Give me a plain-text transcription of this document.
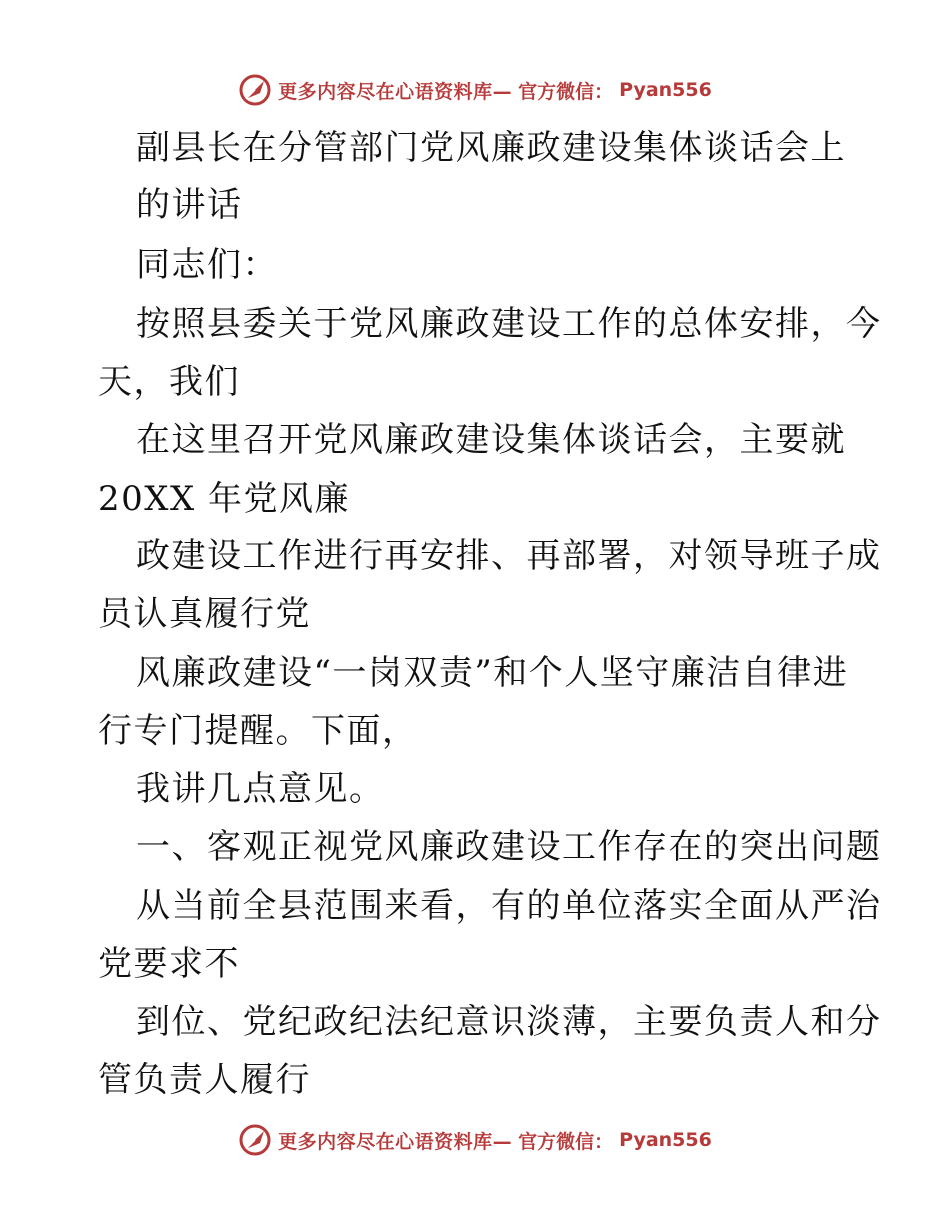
更多内容尽在心语资料库— 官方微信： Pyan556
副县长在分管部门党风廉政建设集体谈话会上
的讲话
同志们：
按照县委关于党风廉政建设工作的总体安排，今
天，我们
在这里召开党风廉政建设集体谈话会，主要就
20XX 年党风廉
政建设工作进行再安排、再部署，对领导班子成
员认真履行党
风廉政建设“一岗双责”和个人坚守廉洁自律进
行专门提醒。下面，
我讲几点意见。
一、客观正视党风廉政建设工作存在的突出问题
从当前全县范围来看，有的单位落实全面从严治
党要求不
到位、党纪政纪法纪意识淡薄，主要负责人和分
管负责人履行
更多内容尽在心语资料库— 官方微信： Pyan556
